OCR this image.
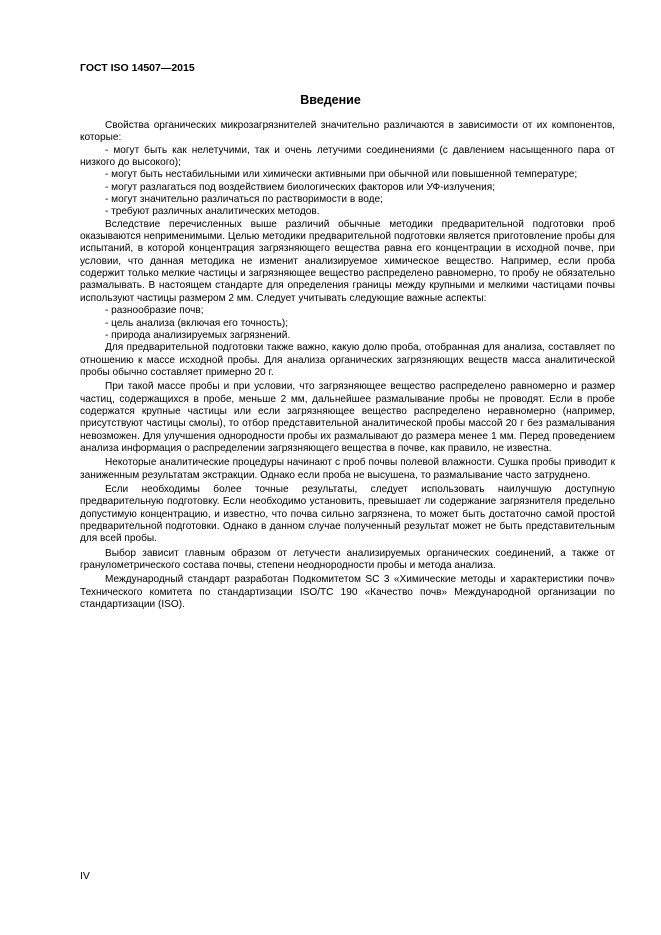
ГОСТ ISO 14507—2015
Введение

Свойства органических микрозагрязнителей значительно различаются в зависимости от их компонентов, которые:

- могут быть как нелетучими, так и очень летучими соединениями (с давлением насыщенного пара от низкого до высокого);
- могут быть нестабильными или химически активными при обычной или повышенной температуре;
- могут разлагаться под воздействием биологических факторов или УФ-излучения;
- могут значительно различаться по растворимости в воде;
- требуют различных аналитических методов.

Вследствие перечисленных выше различий обычные методики предварительной подготовки проб оказываются неприменимыми. Целью методики предварительной подготовки является приготовление пробы для испытаний, в которой концентрация загрязняющего вещества равна его концентрации в исходной почве, при условии, что данная методика не изменит анализируемое химическое вещество. Например, если проба содержит только мелкие частицы и загрязняющее вещество распределено равномерно, то пробу не обязательно размалывать. В настоящем стандарте для определения границы между крупными и мелкими частицами почвы используют частицы размером 2 мм. Следует учитывать следующие важные аспекты:

- разнообразие почв;
- цель анализа (включая его точность);
- природа анализируемых загрязнений.

Для предварительной подготовки также важно, какую долю проба, отобранная для анализа, составляет по отношению к массе исходной пробы. Для анализа органических загрязняющих веществ масса аналитической пробы обычно составляет примерно 20 г.

При такой массе пробы и при условии, что загрязняющее вещество распределено равномерно и размер частиц, содержащихся в пробе, меньше 2 мм, дальнейшее размалывание пробы не проводят. Если в пробе содержатся крупные частицы или если загрязняющее вещество распределено неравномерно (например, присутствуют частицы смолы), то отбор представительной аналитической пробы массой 20 г без размалывания невозможен. Для улучшения однородности пробы их размалывают до размера менее 1 мм. Перед проведением анализа информация о распределении загрязняющего вещества в почве, как правило, не известна.

Некоторые аналитические процедуры начинают с проб почвы полевой влажности. Сушка пробы приводит к заниженным результатам экстракции. Однако если проба не высушена, то размалывание часто затруднено.

Если необходимы более точные результаты, следует использовать наилучшую доступную предварительную подготовку. Если необходимо установить, превышает ли содержание загрязнителя предельно допустимую концентрацию, и известно, что почва сильно загрязнена, то может быть достаточно самой простой предварительной подготовки. Однако в данном случае полученный результат может не быть представительным для всей пробы.

Выбор зависит главным образом от летучести анализируемых органических соединений, а также от гранулометрического состава почвы, степени неоднородности пробы и метода анализа.

Международный стандарт разработан Подкомитетом SC 3 «Химические методы и характеристики почв» Технического комитета по стандартизации ISO/TC 190 «Качество почв» Международной организации по стандартизации (ISO).

IV
